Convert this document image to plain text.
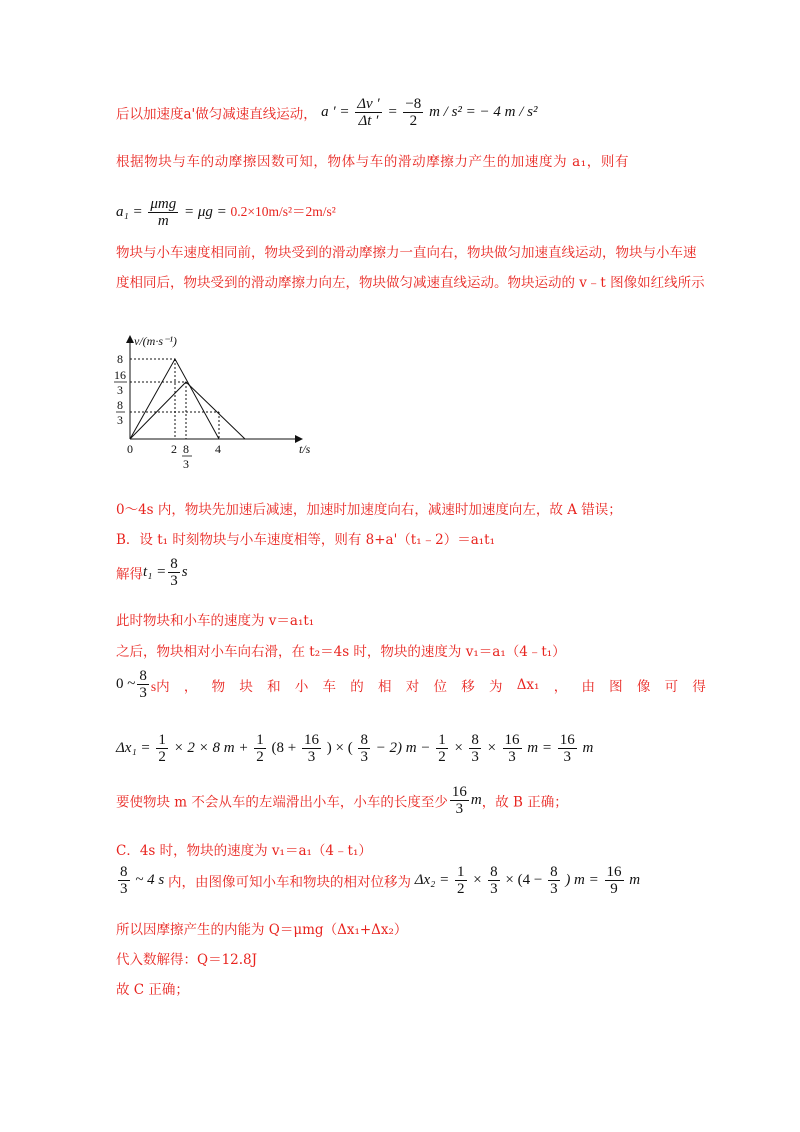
后以加速度a'做匀减速直线运动， a ′ = $\frac{\Delta v '}{\Delta t '} = \frac{-8}{2}$ m / s² = − 4 m / s²
根据物块与车的动摩擦因数可知，物体与车的滑动摩擦力产生的加速度为 a₁，则有
$a_1 = \frac{\text{μmg}}{m} = \mu g = 0.2\times 10m/s^2=2m/s^2$
物块与小车速度相同前，物块受到的滑动摩擦力一直向右，物块做匀加速直线运动，物块与小车速度相同后，物块受到的滑动摩擦力向左，物块做匀减速直线运动。物块运动的 v﹣t 图像如红线所示
v/(m·s⁻¹)
t/s
8
16
3
8
3
0	2 8
3
4
0～4s 内，物块先加速后减速，加速时加速度向右，减速时加速度向左，故 A 错误；
B．设 t₁ 时刻物块与小车速度相等，则有 8+a'（t₁﹣2）＝a₁t₁
解得$t_1 = \frac{8}{3}$ s
此时物块和小车的速度为 v＝a₁t₁
之后，物块相对小车向右滑，在 t₂＝4s 时，物块的速度为 v₁＝a₁（4﹣t₁）
0 ~ $\frac{8}{3}$ s内 ， 物 块 和 小 车 的 相 对 位 移 为 Δx₁ ， 由 图 像 可 得
$\Delta x_1 = \frac{1}{2} \times 2 \times 8$ $m + \frac{1}{2} (8 + \frac{16}{3}$ ) × ( $\frac{8}{3} - 2$) $m - \frac{1}{2} \times \frac{8}{3} \times \frac{16}{3}$ $m = \frac{16}{3}$ m
要使物块 m 不会从车的左端滑出小车，小车的长度至少 $\frac{16}{3}$ m，故 B 正确；
C．4s 时，物块的速度为 v₁＝a₁（4﹣t₁）
$\frac{8}{3}$ ~ 4 s 内，由图像可知小车和物块的相对位移为 $\Delta x_2 = \frac{1}{2} \times \frac{8}{3} \times (4 - \frac{8}{3}$ ) $m = \frac{16}{9}$ m
所以因摩擦产生的内能为 Q＝μmg（Δx₁+Δx₂）
代入数解得：Q＝12.8J
故 C 正确；
